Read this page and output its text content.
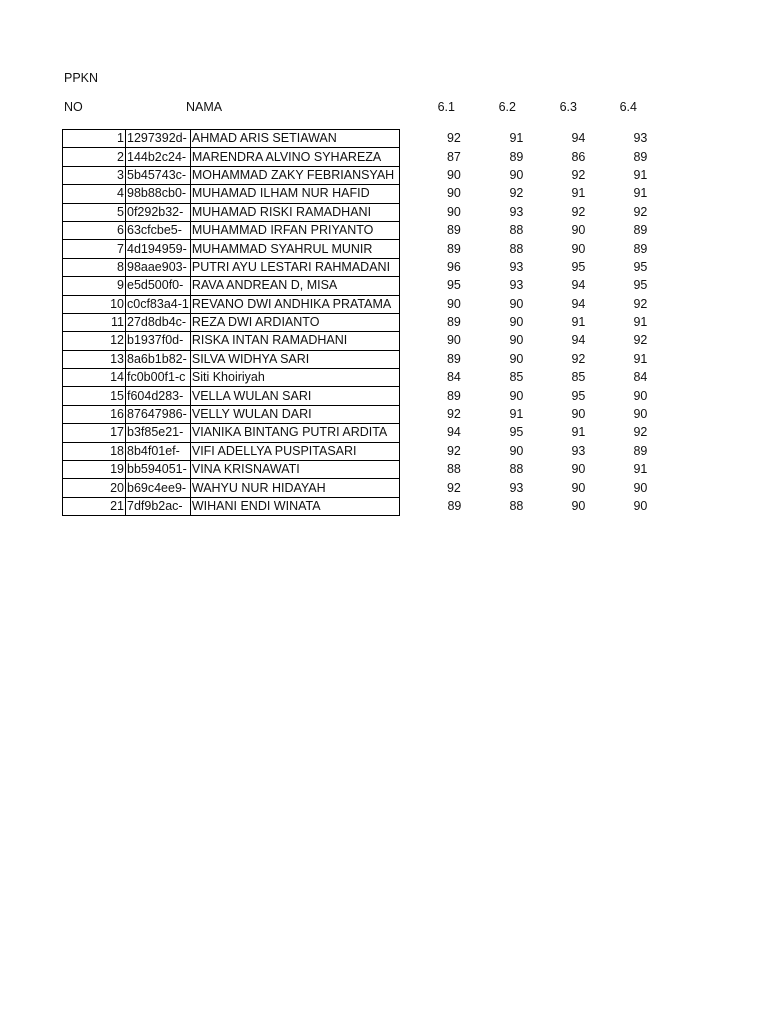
PPKN
NO	NAMA	6.1	6.2	6.3	6.4
1	1297392d-	AHMAD ARIS SETIAWAN	92	91	94	93
2	144b2c24-	MARENDRA ALVINO SYHAREZA	87	89	86	89
3	5b45743c-	MOHAMMAD ZAKY FEBRIANSYAH	90	90	92	91
4	98b88cb0-	MUHAMAD ILHAM NUR HAFID	90	92	91	91
5	0f292b32-	MUHAMAD RISKI RAMADHANI	90	93	92	92
6	63cfcbe5-	MUHAMMAD IRFAN PRIYANTO	89	88	90	89
7	4d194959-	MUHAMMAD SYAHRUL MUNIR	89	88	90	89
8	98aae903-	PUTRI AYU LESTARI RAHMADANI	96	93	95	95
9	e5d500f0-	RAVA ANDREAN D, MISA	95	93	94	95
10	c0cf83a4-1	REVANO DWI ANDHIKA PRATAMA	90	90	94	92
11	27d8db4c-	REZA DWI ARDIANTO	89	90	91	91
12	b1937f0d-	RISKA INTAN RAMADHANI	90	90	94	92
13	8a6b1b82-	SILVA WIDHYA SARI	89	90	92	91
14	fc0b00f1-c	Siti Khoiriyah	84	85	85	84
15	f604d283-	VELLA WULAN SARI	89	90	95	90
16	87647986-	VELLY WULAN DARI	92	91	90	90
17	b3f85e21-	VIANIKA BINTANG PUTRI ARDITA	94	95	91	92
18	8b4f01ef-	VIFI ADELLYA PUSPITASARI	92	90	93	89
19	bb594051-	VINA KRISNAWATI	88	88	90	91
20	b69c4ee9-	WAHYU NUR HIDAYAH	92	93	90	90
21	7df9b2ac-	WIHANI ENDI WINATA	89	88	90	90
